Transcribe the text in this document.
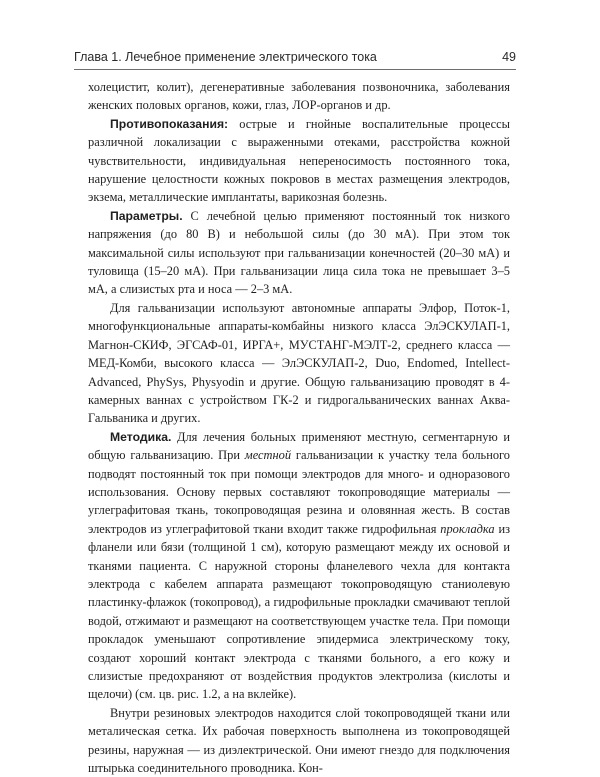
Глава 1. Лечебное применение электрического тока	49

холецистит, колит), дегенеративные заболевания позвоночника, заболевания женских половых органов, кожи, глаз, ЛОР-органов и др.

Противопоказания: острые и гнойные воспалительные процессы различной локализации с выраженными отеками, расстройства кожной чувствительности, индивидуальная непереносимость постоянного тока, нарушение целостности кожных покровов в местах размещения электродов, экзема, металлические имплантаты, варикозная болезнь.

Параметры. С лечебной целью применяют постоянный ток низкого напряжения (до 80 В) и небольшой силы (до 30 мА). При этом ток максимальной силы используют при гальванизации конечностей (20–30 мА) и туловища (15–20 мА). При гальванизации лица сила тока не превышает 3–5 мА, а слизистых рта и носа — 2–3 мА.

Для гальванизации используют автономные аппараты Элфор, Поток-1, многофункциональные аппараты-комбайны низкого класса ЭлЭСКУЛАП-1, Магнон-СКИФ, ЭГСАФ-01, ИРГА+, МУСТАНГ-МЭЛТ-2, среднего класса — МЕД-Комби, высокого класса — ЭлЭСКУЛАП-2, Duo, Endomed, Intellect-Advanced, PhySys, Physyodin и другие. Общую гальванизацию проводят в 4-камерных ваннах с устройством ГК-2 и гидрогальванических ваннах Аква-Гальваника и других.

Методика. Для лечения больных применяют местную, сегментарную и общую гальванизацию. При местной гальванизации к участку тела больного подводят постоянный ток при помощи электродов для много- и одноразового использования. Основу первых составляют токопроводящие материалы — углеграфитовая ткань, токопроводящая резина и оловянная жесть. В состав электродов из углеграфитовой ткани входит также гидрофильная прокладка из фланели или бязи (толщиной 1 см), которую размещают между их основой и тканями пациента. С наружной стороны фланелевого чехла для контакта электрода с кабелем аппарата размещают токопроводящую станиолевую пластинку-флажок (токопровод), а гидрофильные прокладки смачивают теплой водой, отжимают и размещают на соответствующем участке тела. При помощи прокладок уменьшают сопротивление эпидермиса электрическому току, создают хороший контакт электрода с тканями больного, а его кожу и слизистые предохраняют от воздействия продуктов электролиза (кислоты и щелочи) (см. цв. рис. 1.2, а на вклейке).

Внутри резиновых электродов находится слой токопроводящей ткани или металическая сетка. Их рабочая поверхность выполнена из токопроводящей резины, наружная — из диэлектрической. Они имеют гнездо для подключения штырька соединительного проводника. Кон-
